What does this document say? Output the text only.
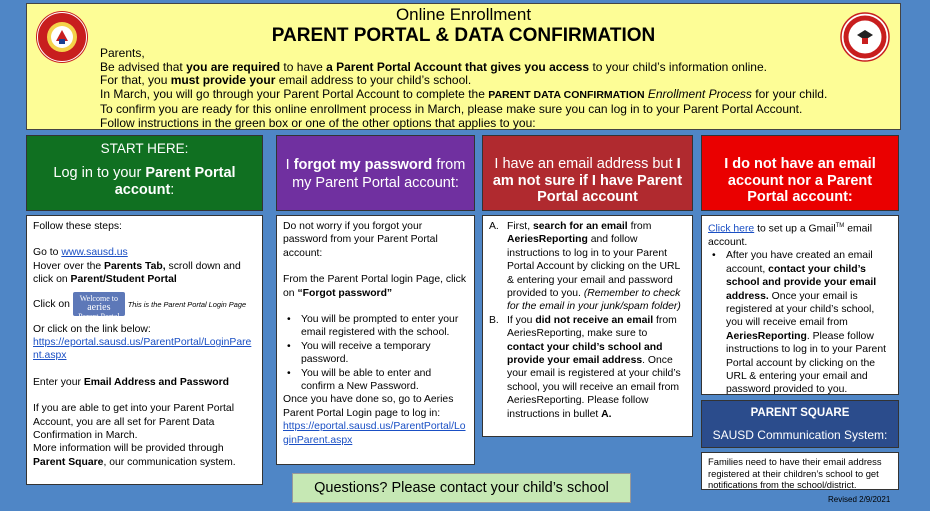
Online Enrollment
PARENT PORTAL & DATA CONFIRMATION
Parents,
Be advised that you are required to have a Parent Portal Account that gives you access to your child’s information online.
For that, you must provide your email address to your child’s school.
In March, you will go through your Parent Portal Account to complete the PARENT DATA CONFIRMATION Enrollment Process for your child.
To confirm you are ready for this online enrollment process in March, please make sure you can log in to your Parent Portal Account.
Follow instructions in the green box or one of the other options that applies to you:
START HERE:
Log in to your Parent Portal account:
Follow these steps:
Go to www.sausd.us
Hover over the Parents Tab, scroll down and click on Parent/Student Portal
Click on Welcome to
aeries
Parent Portal This is the Parent Portal Login Page
Or click on the link below:
https://eportal.sausd.us/ParentPortal/LoginParent.aspx
Enter your Email Address and Password
If you are able to get into your Parent Portal Account, you are all set for Parent Data Confirmation in March.
More information will be provided through Parent Square, our communication system.
I forgot my password from my Parent Portal account:
Do not worry if you forgot your password from your Parent Portal account:
From the Parent Portal login Page, click on “Forgot password”
• You will be prompted to enter your email registered with the school.
• You will receive a temporary password.
• You will be able to enter and confirm a New Password.
Once you have done so, go to Aeries Parent Portal Login page to log in:
https://eportal.sausd.us/ParentPortal/LoginParent.aspx
I have an email address but I am not sure if I have Parent Portal account
A. First, search for an email from AeriesReporting and follow instructions to log in to your Parent Portal Account by clicking on the URL & entering your email and password provided to you. (Remember to check for the email in your junk/spam folder)
B. If you did not receive an email from AeriesReporting, make sure to contact your child’s school and provide your email address. Once your email is registered at your child’s school, you will receive an email from AeriesReporting. Please follow instructions in bullet A.
I do not have an email account nor a Parent Portal account:
Click here to set up a Gmail™ email account.
• After you have created an email account, contact your child’s school and provide your email address. Once your email is registered at your child’s school, you will receive email from AeriesReporting. Please follow instructions to log in to your Parent Portal account by clicking on the URL & entering your email and password provided to you.
PARENT SQUARE
SAUSD Communication System:
Families need to have their email address registered at their children’s school to get notifications from the school/district.
Questions? Please contact your child’s school
Revised 2/9/2021
